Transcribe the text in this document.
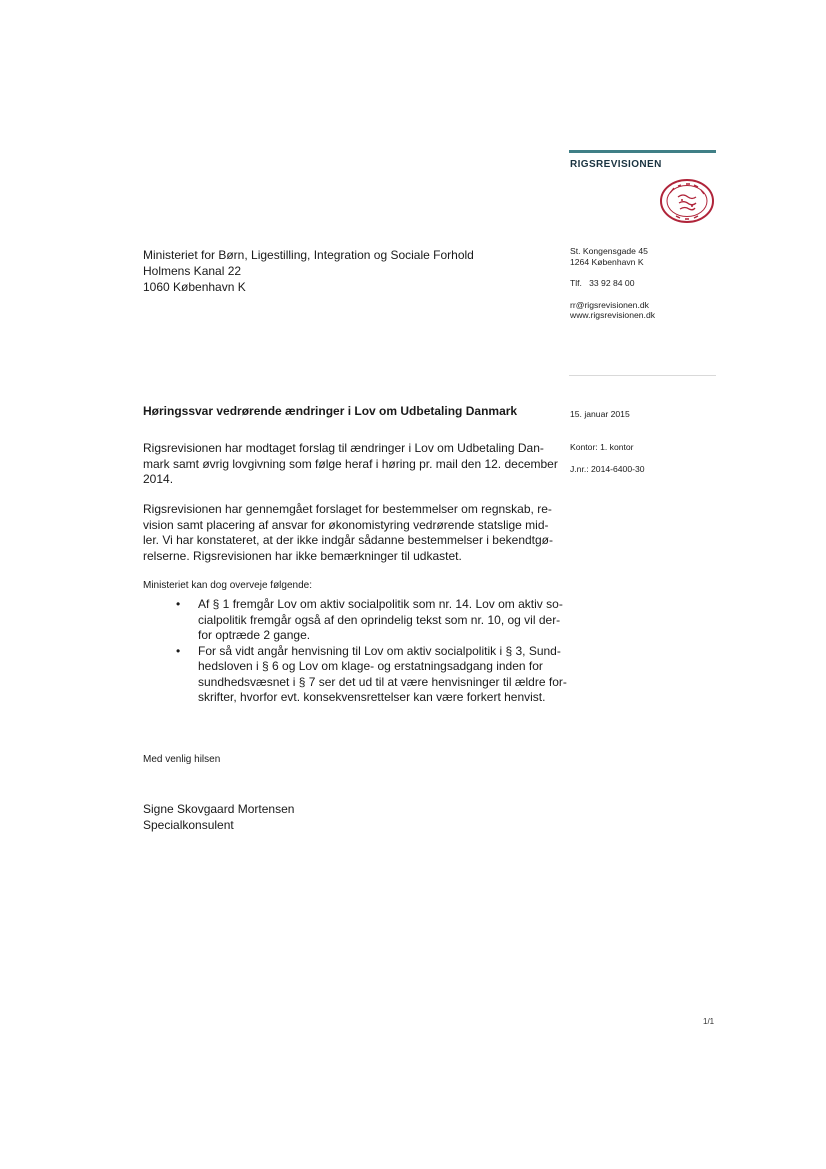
RIGSREVISIONEN
Ministeriet for Børn, Ligestilling, Integration og Sociale Forhold
Holmens Kanal 22
1060 København K
St. Kongensgade 45
1264 København K
Tlf.   33 92 84 00
rr@rigsrevisionen.dk
www.rigsrevisionen.dk
15. januar 2015
Kontor: 1. kontor
J.nr.: 2014-6400-30
Høringssvar vedrørende ændringer i Lov om Udbetaling Danmark
Rigsrevisionen har modtaget forslag til ændringer i Lov om Udbetaling Dan-
mark samt øvrig lovgivning som følge heraf i høring pr. mail den 12. december
2014.
Rigsrevisionen har gennemgået forslaget for bestemmelser om regnskab, re-
vision samt placering af ansvar for økonomistyring vedrørende statslige mid-
ler. Vi har konstateret, at der ikke indgår sådanne bestemmelser i bekendtgø-
relserne. Rigsrevisionen har ikke bemærkninger til udkastet.
Ministeriet kan dog overveje følgende:
• Af § 1 fremgår Lov om aktiv socialpolitik som nr. 14. Lov om aktiv so-
cialpolitik fremgår også af den oprindelig tekst som nr. 10, og vil der-
for optræde 2 gange.
• For så vidt angår henvisning til Lov om aktiv socialpolitik i § 3, Sund-
hedsloven i § 6 og Lov om klage- og erstatningsadgang inden for
sundhedsvæsnet i § 7 ser det ud til at være henvisninger til ældre for-
skrifter, hvorfor evt. konsekvensrettelser kan være forkert henvist.
Med venlig hilsen
Signe Skovgaard Mortensen
Specialkonsulent
1/1
